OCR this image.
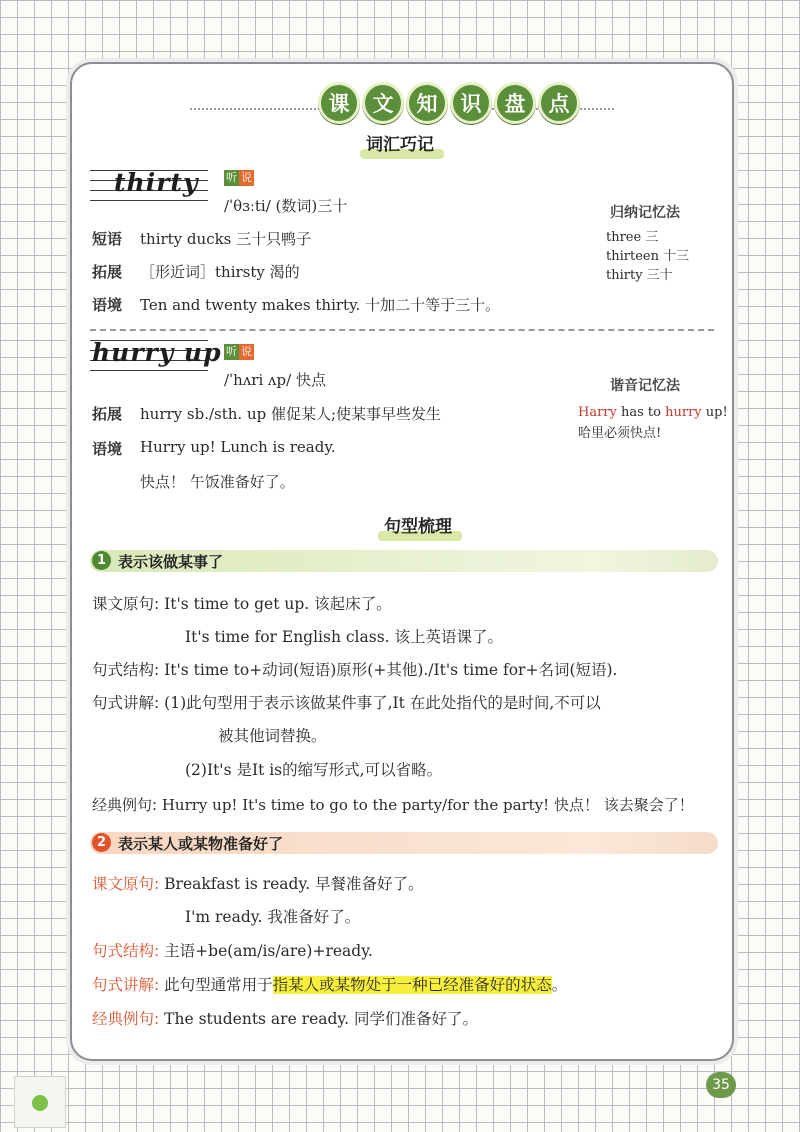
课	文	知	识	盘	点
词汇巧记
thirty	听 说
/ˈθɜːti/ (数词)三十
短语 thirty ducks 三十只鸭子
拓展 ［形近词］thirsty 渴的
语境 Ten and twenty makes thirty. 十加二十等于三十。
归纳记忆法
three 三
thirteen 十三
thirty 三十
hurry up 听 说
/ˈhʌri ʌp/ 快点
拓展 hurry sb./sth. up 催促某人;使某事早些发生
语境 Hurry up! Lunch is ready.
快点！ 午饭准备好了。
谐音记忆法
Harry has to hurry up!
哈里必须快点!
句型梳理
1 表示该做某事了
课文原句: It's time to get up. 该起床了。
It's time for English class. 该上英语课了。
句式结构: It's time to+动词(短语)原形(+其他)./It's time for+名词(短语).
句式讲解: (1)此句型用于表示该做某件事了,It 在此处指代的是时间,不可以
被其他词替换。
(2)It's 是It is的缩写形式,可以省略。
经典例句: Hurry up! It's time to go to the party/for the party! 快点！ 该去聚会了！
2 表示某人或某物准备好了
课文原句: Breakfast is ready. 早餐准备好了。
I'm ready. 我准备好了。
句式结构: 主语+be(am/is/are)+ready.
句式讲解: 此句型通常用于指某人或某物处于一种已经准备好的状态。
经典例句: The students are ready. 同学们准备好了。
35
